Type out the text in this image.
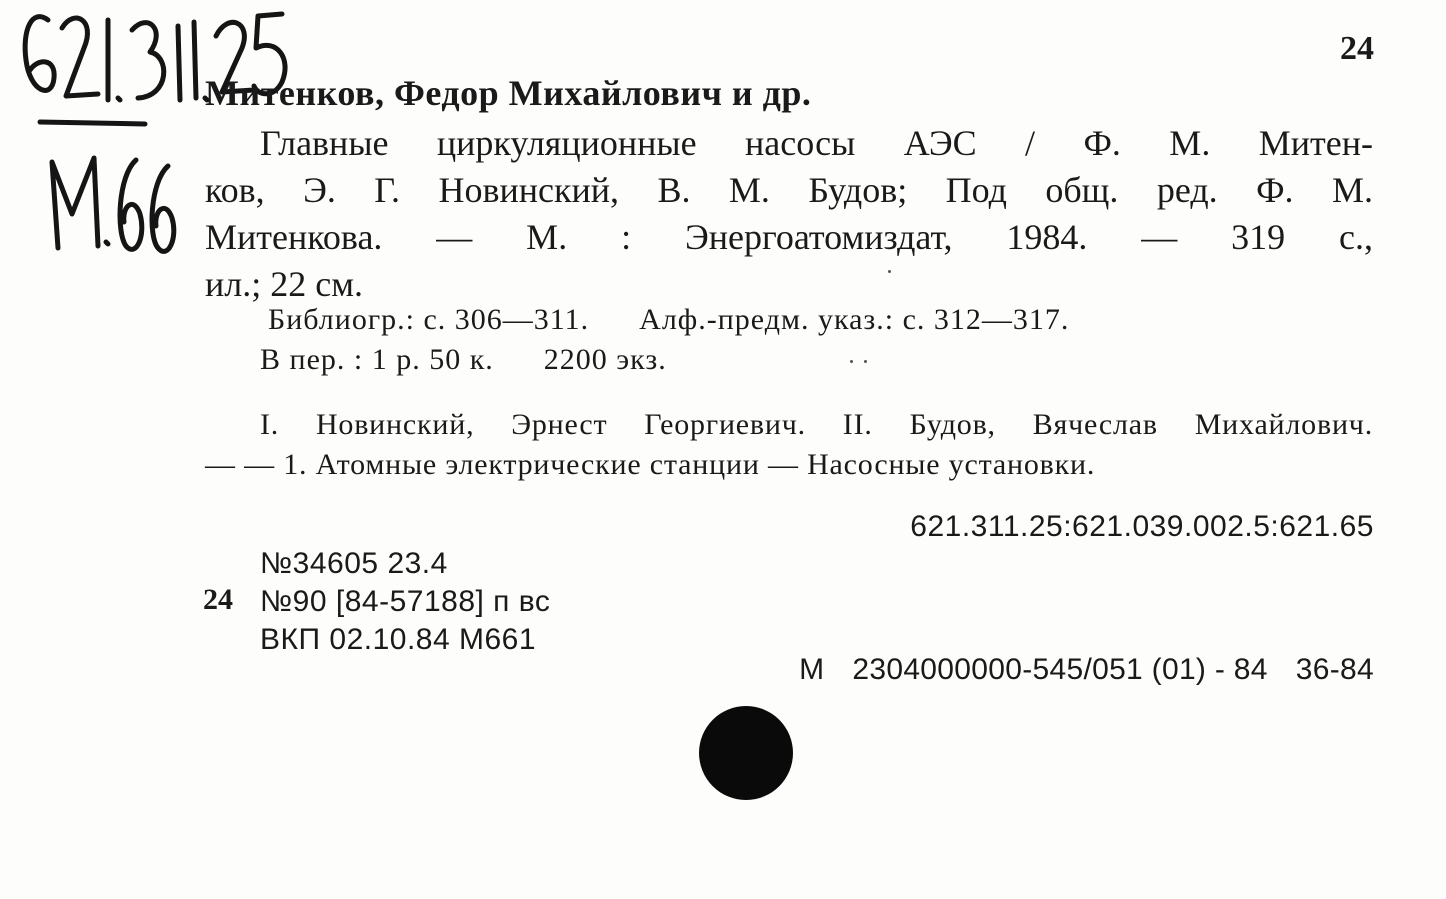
24
Митенков, Федор Михайлович и др.
Главные циркуляционные насосы АЭС / Ф. М. Митен-
ков, Э. Г. Новинский, В. М. Будов; Под общ. ред. Ф. М.
Митенкова. — М. : Энергоатомиздат, 1984. — 319 с.,
ил.; 22 см.
Библиогр.: с. 306—311. Алф.-предм. указ.: с. 312—317.
В пер. : 1 р. 50 к. 2200 экз.
I. Новинский, Эрнест Георгиевич. II. Будов, Вячеслав Михайлович.
— — 1. Атомные электрические станции — Насосные установки.
621.311.25:621.039.002.5:621.65
24
№34605 23.4
№90 [84-57188] п вс
ВКП 02.10.84 М661
М 2304000000-545/051 (01) - 84 36-84
